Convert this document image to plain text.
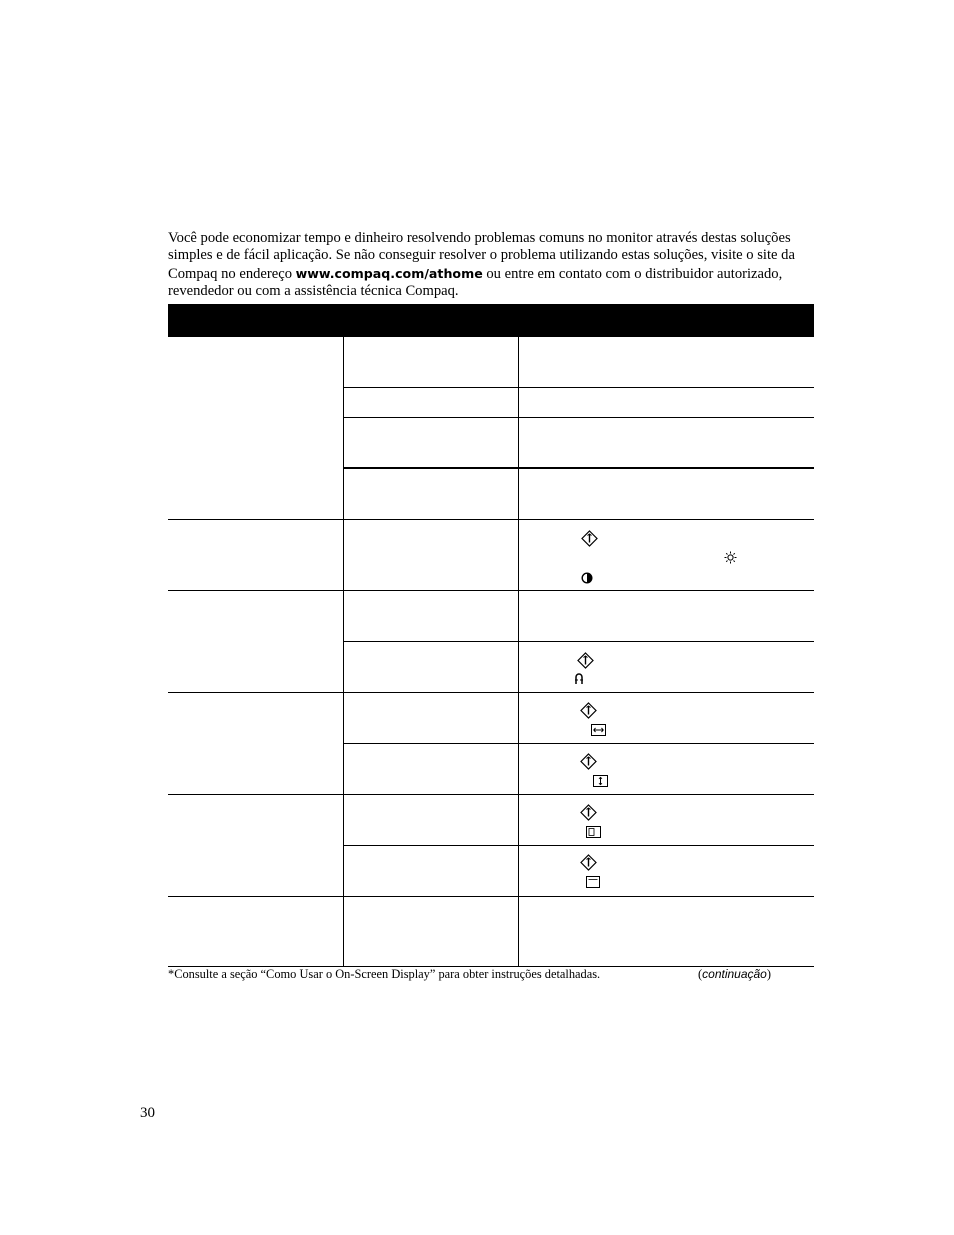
Você pode economizar tempo e dinheiro resolvendo problemas comuns no monitor através destas soluções simples e de fácil aplicação. Se não conseguir resolver o problema utilizando estas soluções, visite o site da Compaq no endereço www.compaq.com/athome ou entre em contato com o distribuidor autorizado, revendedor ou com a assistência técnica Compaq.

*Consulte a seção “Como Usar o On-Screen Display” para obter instruções detalhadas.	(continuação)

30
